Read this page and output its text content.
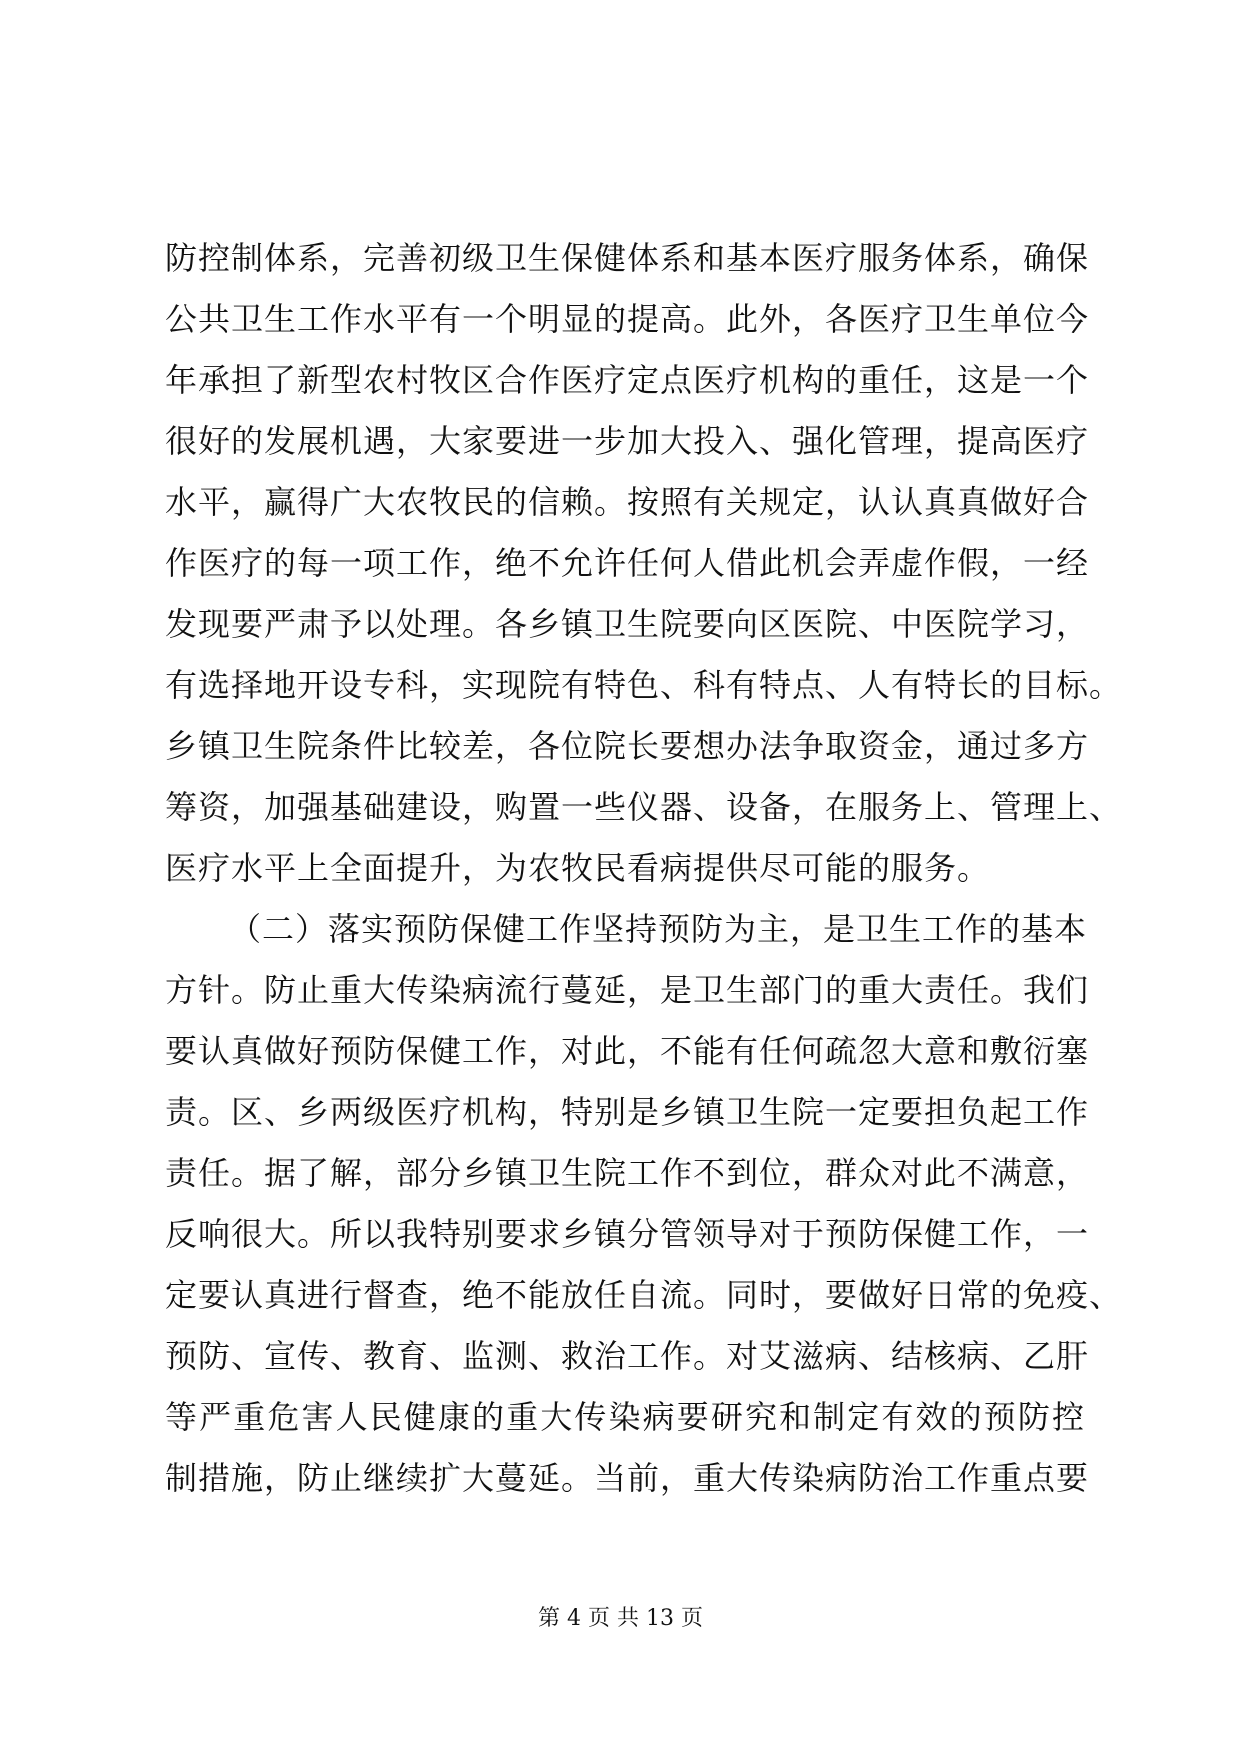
防控制体系，完善初级卫生保健体系和基本医疗服务体系，确保
公共卫生工作水平有一个明显的提高。此外，各医疗卫生单位今
年承担了新型农村牧区合作医疗定点医疗机构的重任，这是一个
很好的发展机遇，大家要进一步加大投入、强化管理，提高医疗
水平，赢得广大农牧民的信赖。按照有关规定，认认真真做好合
作医疗的每一项工作，绝不允许任何人借此机会弄虚作假，一经
发现要严肃予以处理。各乡镇卫生院要向区医院、中医院学习，
有选择地开设专科，实现院有特色、科有特点、人有特长的目标。
乡镇卫生院条件比较差，各位院长要想办法争取资金，通过多方
筹资，加强基础建设，购置一些仪器、设备，在服务上、管理上、
医疗水平上全面提升，为农牧民看病提供尽可能的服务。
（二）落实预防保健工作坚持预防为主，是卫生工作的基本
方针。防止重大传染病流行蔓延，是卫生部门的重大责任。我们
要认真做好预防保健工作，对此，不能有任何疏忽大意和敷衍塞
责。区、乡两级医疗机构，特别是乡镇卫生院一定要担负起工作
责任。据了解，部分乡镇卫生院工作不到位，群众对此不满意，
反响很大。所以我特别要求乡镇分管领导对于预防保健工作，一
定要认真进行督查，绝不能放任自流。同时，要做好日常的免疫、
预防、宣传、教育、监测、救治工作。对艾滋病、结核病、乙肝
等严重危害人民健康的重大传染病要研究和制定有效的预防控
制措施，防止继续扩大蔓延。当前，重大传染病防治工作重点要
第 4 页 共 13 页
